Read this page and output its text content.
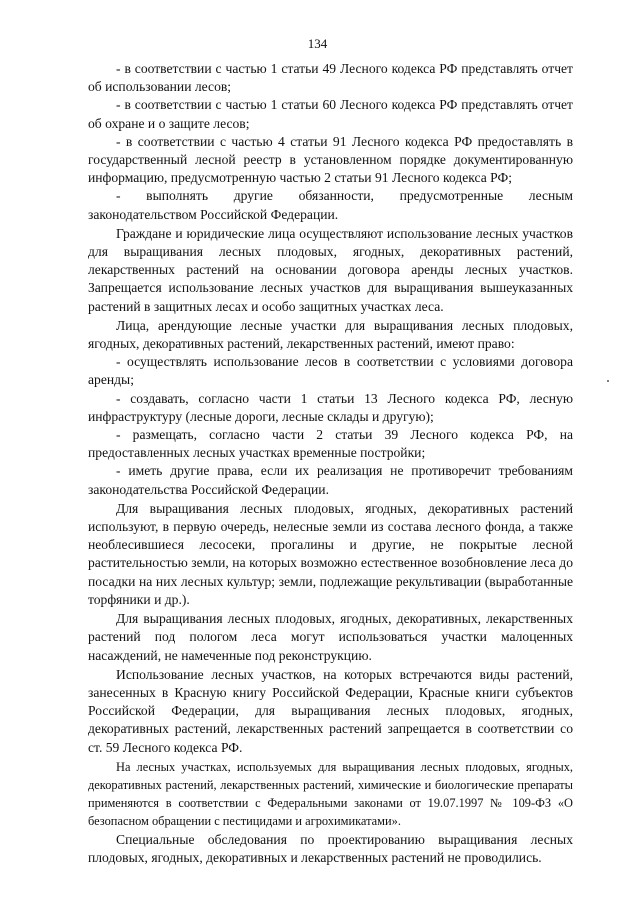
134

- в соответствии с частью 1 статьи 49 Лесного кодекса РФ представлять отчет об использовании лесов;

- в соответствии с частью 1 статьи 60 Лесного кодекса РФ представлять отчет об охране и о защите лесов;

- в соответствии с частью 4 статьи 91 Лесного кодекса РФ предоставлять в государственный лесной реестр в установленном порядке документированную информацию, предусмотренную частью 2 статьи 91 Лесного кодекса РФ;

- выполнять другие обязанности, предусмотренные лесным законодательством Российской Федерации.

Граждане и юридические лица осуществляют использование лесных участков для выращивания лесных плодовых, ягодных, декоративных растений, лекарственных растений на основании договора аренды лесных участков. Запрещается использование лесных участков для выращивания вышеуказанных растений в защитных лесах и особо защитных участках леса.

Лица, арендующие лесные участки для выращивания лесных плодовых, ягодных, декоративных растений, лекарственных растений, имеют право:

- осуществлять использование лесов в соответствии с условиями договора аренды;

- создавать, согласно части 1 статьи 13 Лесного кодекса РФ, лесную инфраструктуру (лесные дороги, лесные склады и другую);

- размещать, согласно части 2 статьи 39 Лесного кодекса РФ, на предоставленных лесных участках временные постройки;

- иметь другие права, если их реализация не противоречит требованиям законодательства Российской Федерации.

Для выращивания лесных плодовых, ягодных, декоративных растений используют, в первую очередь, нелесные земли из состава лесного фонда, а также необлесившиеся лесосеки, прогалины и другие, не покрытые лесной растительностью земли, на которых возможно естественное возобновление леса до посадки на них лесных культур; земли, подлежащие рекультивации (выработанные торфяники и др.).

Для выращивания лесных плодовых, ягодных, декоративных, лекарственных растений под пологом леса могут использоваться участки малоценных насаждений, не намеченные под реконструкцию.

Использование лесных участков, на которых встречаются виды растений, занесенных в Красную книгу Российской Федерации, Красные книги субъектов Российской Федерации, для выращивания лесных плодовых, ягодных, декоративных растений, лекарственных растений запрещается в соответствии со ст. 59 Лесного кодекса РФ.

На лесных участках, используемых для выращивания лесных плодовых, ягодных, декоративных растений, лекарственных растений, химические и биологические препараты применяются в соответствии с Федеральными законами от 19.07.1997 № 109-ФЗ «О безопасном обращении с пестицидами и агрохимикатами».

Специальные обследования по проектированию выращивания лесных плодовых, ягодных, декоративных и лекарственных растений не проводились.
